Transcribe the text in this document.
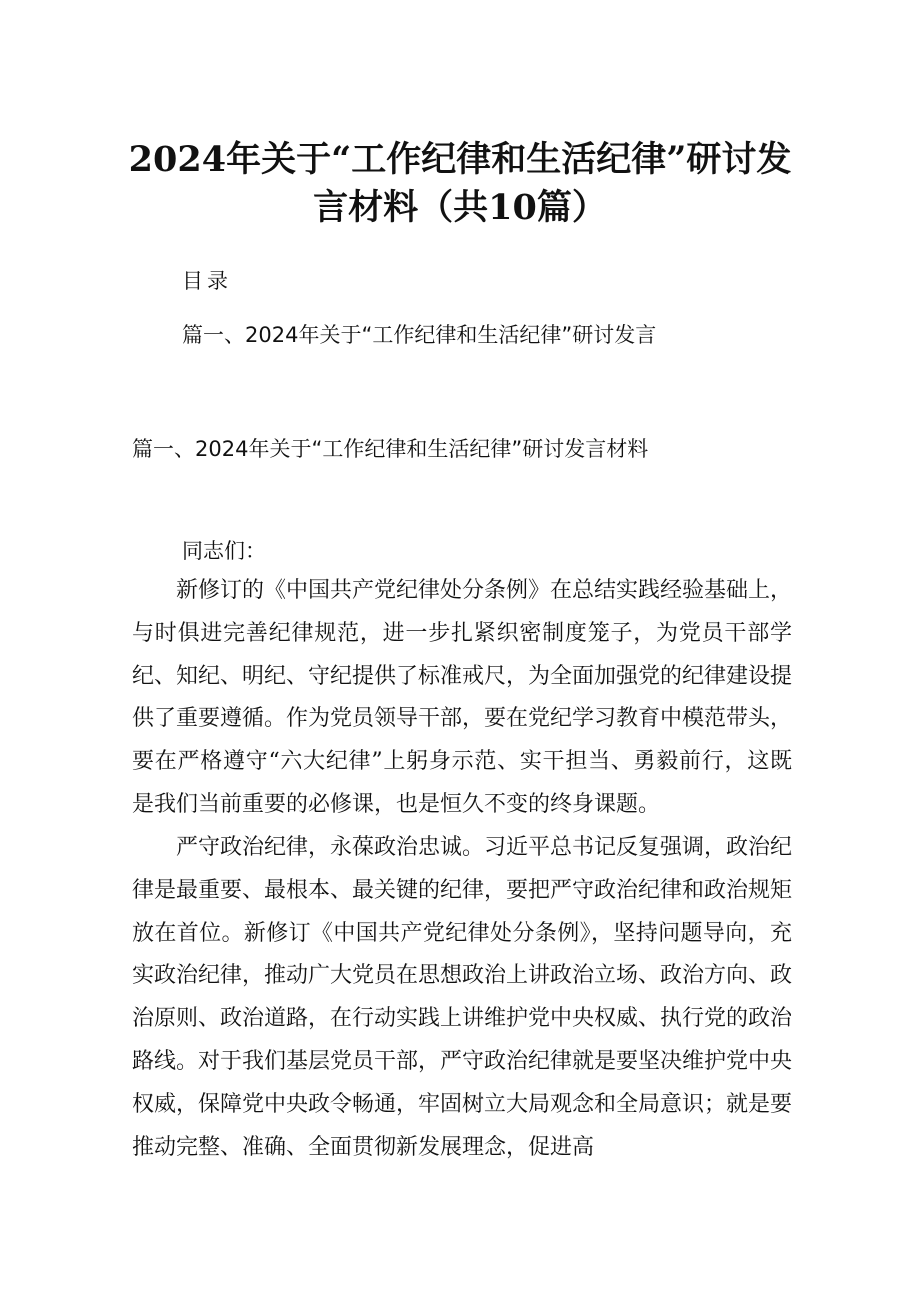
2024年关于“工作纪律和生活纪律”研讨发
言材料（共10篇）
目录
篇一、2024年关于“工作纪律和生活纪律”研讨发言
篇一、2024年关于“工作纪律和生活纪律”研讨发言材料
同志们：

新修订的《中国共产党纪律处分条例》在总结实践经验基础上，与时俱进完善纪律规范，进一步扎紧织密制度笼子，为党员干部学纪、知纪、明纪、守纪提供了标准戒尺，为全面加强党的纪律建设提供了重要遵循。作为党员领导干部，要在党纪学习教育中模范带头，要在严格遵守“六大纪律”上躬身示范、实干担当、勇毅前行，这既是我们当前重要的必修课，也是恒久不变的终身课题。

严守政治纪律，永葆政治忠诚。习近平总书记反复强调，政治纪律是最重要、最根本、最关键的纪律，要把严守政治纪律和政治规矩放在首位。新修订《中国共产党纪律处分条例》，坚持问题导向，充实政治纪律，推动广大党员在思想政治上讲政治立场、政治方向、政治原则、政治道路，在行动实践上讲维护党中央权威、执行党的政治路线。对于我们基层党员干部，严守政治纪律就是要坚决维护党中央权威，保障党中央政令畅通，牢固树立大局观念和全局意识；就是要推动完整、准确、全面贯彻新发展理念，促进高
